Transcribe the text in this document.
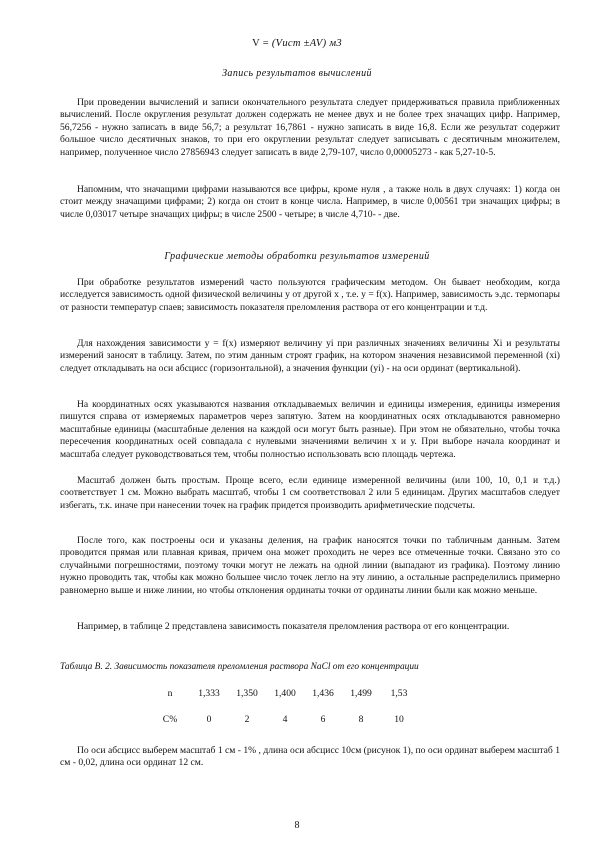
V = (Vист ±AV) м3
Запись результатов вычислений

При проведении вычислений и записи окончательного результата следует придерживаться правила приближенных вычислений. После округления результат должен содержать не менее двух и не более трех значащих цифр. Например, 56,7256 - нужно записать в виде 56,7; а результат 16,7861 - нужно записать в виде 16,8. Если же результат содержит большое число десятичных знаков, то при его округлении результат следует записывать с десятичным множителем, например, полученное число 27856943 следует записать в виде 2,79-107, число 0,00005273 - как 5,27-10-5.

Напомним, что значащими цифрами называются все цифры, кроме нуля , а также ноль в двух случаях: 1) когда он стоит между значащими цифрами; 2) когда он стоит в конце числа. Например, в числе 0,00561 три значащих цифры; в числе 0,03017 четыре значащих цифры; в числе 2500 - четыре; в числе 4,710- - две.

Графические методы обработки результатов измерений

При обработке результатов измерений часто пользуются графическим методом. Он бывает необходим, когда исследуется зависимость одной физической величины у от другой х , т.е. у = f(x). Например, зависимость э.дс. термопары от разности температур спаев; зависимость показателя преломления раствора от его концентрации и т.д.

Для нахождения зависимости у = f(x) измеряют величину yi при различных значениях величины Xi и результаты измерений заносят в таблицу. Затем, по этим данным строят график, на котором значения независимой переменной (xi) следует откладывать на оси абсцисс (горизонтальной), а значения функции (yi) - на оси ординат (вертикальной).

На координатных осях указываются названия откладываемых величин и единицы измерения, единицы измерения пишутся справа от измеряемых параметров через запятую. Затем на координатных осях откладываются равномерно масштабные единицы (масштабные деления на каждой оси могут быть разные). При этом не обязательно, чтобы точка пересечения координатных осей совпадала с нулевыми значениями величин х и у. При выборе начала координат и масштаба следует руководствоваться тем, чтобы полностью использовать всю площадь чертежа.

Масштаб должен быть простым. Проще всего, если единице измеренной величины (или 100, 10, 0,1 и т.д.) соответствует 1 см. Можно выбрать масштаб, чтобы 1 см соответствовал 2 или 5 единицам. Других масштабов следует избегать, т.к. иначе при нанесении точек на график придется производить арифметические подсчеты.

После того, как построены оси и указаны деления, на график наносятся точки по табличным данным. Затем проводится прямая или плавная кривая, причем она может проходить не через все отмеченные точки. Связано это со случайными погрешностями, поэтому точки могут не лежать на одной линии (выпадают из графика). Поэтому линию нужно проводить так, чтобы как можно большее число точек легло на эту линию, а остальные распределились примерно равномерно выше и ниже линии, но чтобы отклонения ординаты точки от ординаты линии были как можно меньше.

Например, в таблице 2 представлена зависимость показателя преломления раствора от его концентрации.

Таблица В. 2. Зависимость показателя преломления раствора NaCl от его концентрации
n	1,333	1,350	1,400	1,436	1,499	1,53
C%	0	2	4	6	8	10

По оси абсцисс выберем масштаб 1 см - 1% , длина оси абсцисс 10см (рисунок 1), по оси ординат выберем масштаб 1 см - 0,02, длина оси ординат 12 см.

8
